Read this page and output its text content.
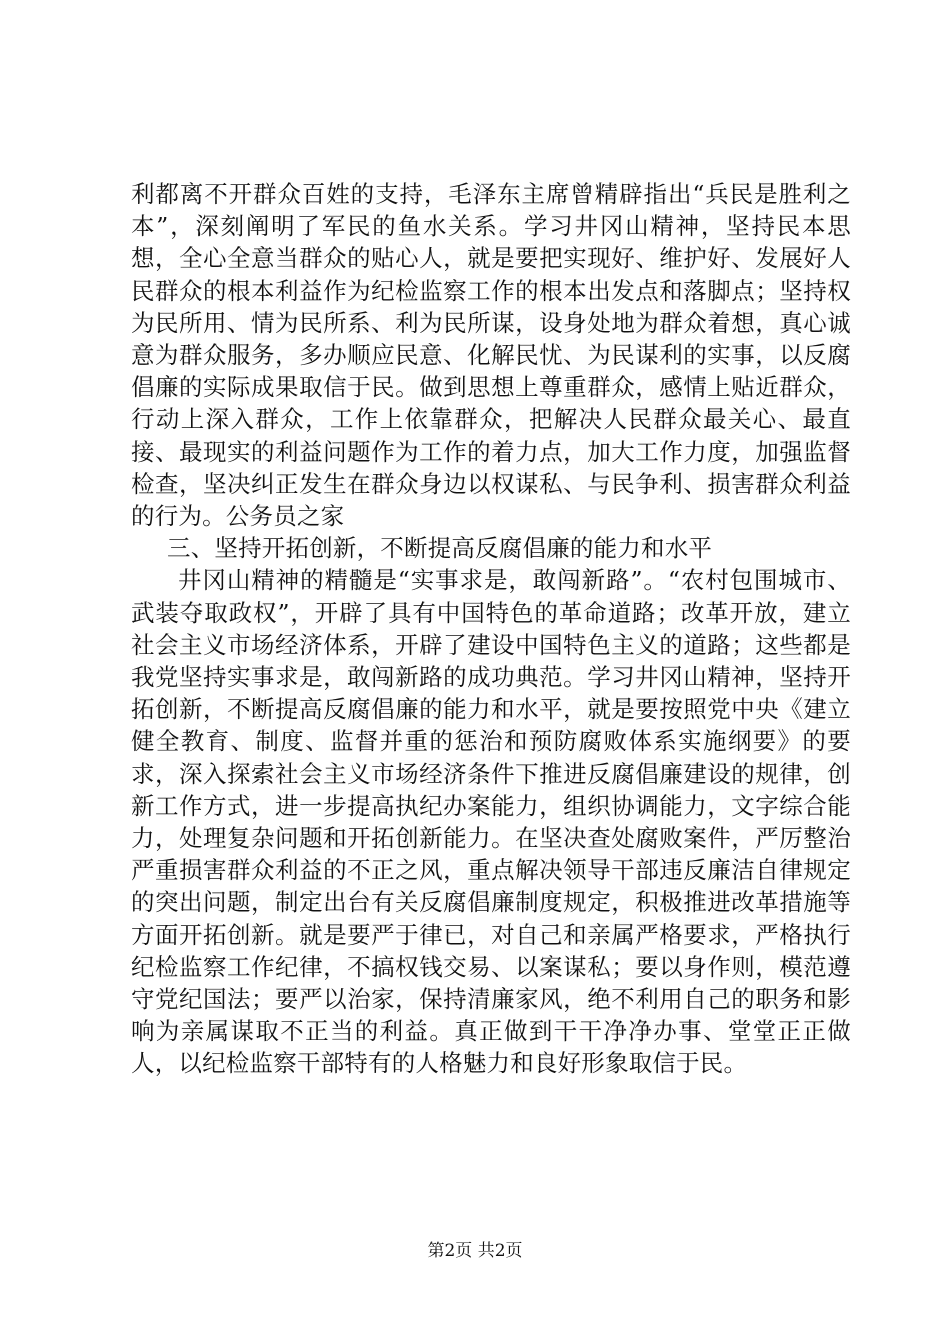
利都离不开群众百姓的支持，毛泽东主席曾精辟指出“兵民是胜利之本”，深刻阐明了军民的鱼水关系。学习井冈山精神，坚持民本思想，全心全意当群众的贴心人，就是要把实现好、维护好、发展好人民群众的根本利益作为纪检监察工作的根本出发点和落脚点；坚持权为民所用、情为民所系、利为民所谋，设身处地为群众着想，真心诚意为群众服务，多办顺应民意、化解民忧、为民谋利的实事，以反腐倡廉的实际成果取信于民。做到思想上尊重群众，感情上贴近群众，行动上深入群众，工作上依靠群众，把解决人民群众最关心、最直接、最现实的利益问题作为工作的着力点，加大工作力度，加强监督检查，坚决纠正发生在群众身边以权谋私、与民争利、损害群众利益的行为。公务员之家

三、坚持开拓创新，不断提高反腐倡廉的能力和水平

井冈山精神的精髓是“实事求是，敢闯新路”。“农村包围城市、武装夺取政权”，开辟了具有中国特色的革命道路；改革开放，建立社会主义市场经济体系，开辟了建设中国特色主义的道路；这些都是我党坚持实事求是，敢闯新路的成功典范。学习井冈山精神，坚持开拓创新，不断提高反腐倡廉的能力和水平，就是要按照党中央《建立健全教育、制度、监督并重的惩治和预防腐败体系实施纲要》的要求，深入探索社会主义市场经济条件下推进反腐倡廉建设的规律，创新工作方式，进一步提高执纪办案能力，组织协调能力，文字综合能力，处理复杂问题和开拓创新能力。在坚决查处腐败案件，严厉整治严重损害群众利益的不正之风，重点解决领导干部违反廉洁自律规定的突出问题，制定出台有关反腐倡廉制度规定，积极推进改革措施等方面开拓创新。就是要严于律已，对自己和亲属严格要求，严格执行纪检监察工作纪律，不搞权钱交易、以案谋私；要以身作则，模范遵守党纪国法；要严以治家，保持清廉家风，绝不利用自己的职务和影响为亲属谋取不正当的利益。真正做到干干净净办事、堂堂正正做人，以纪检监察干部特有的人格魅力和良好形象取信于民。

第2页 共2页
